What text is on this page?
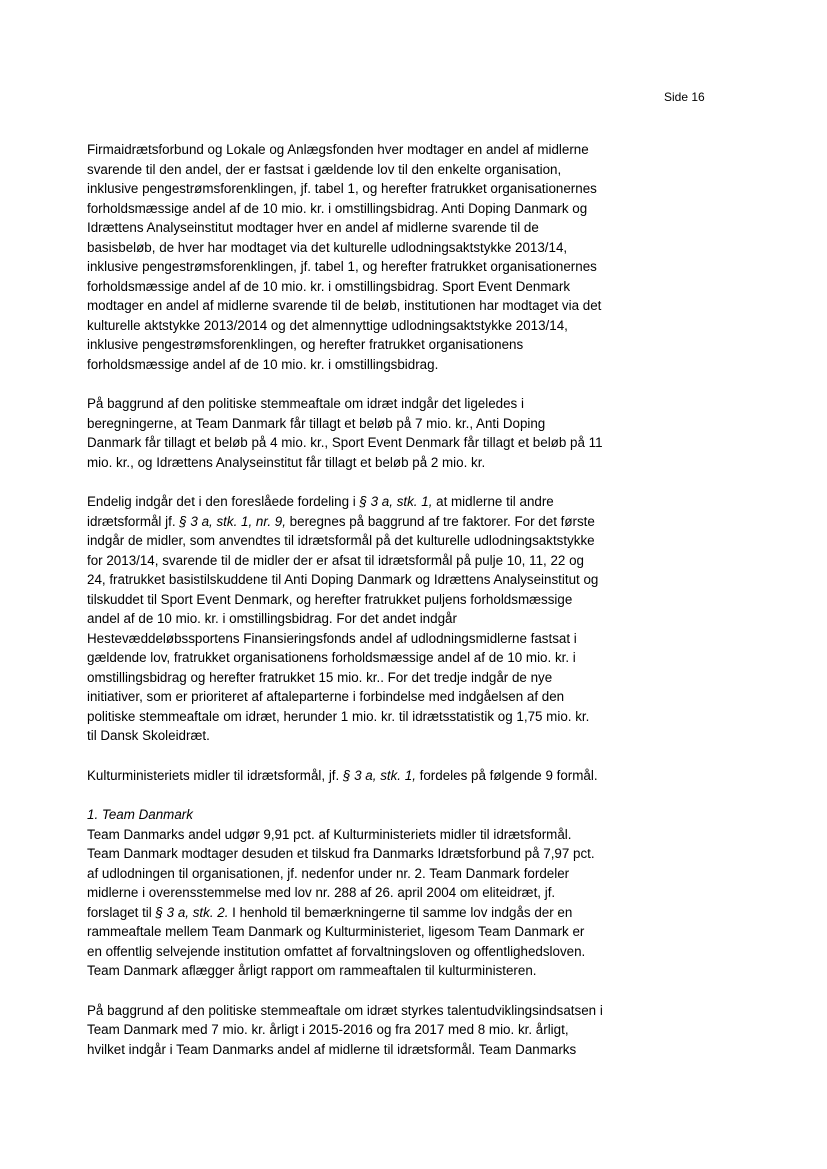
Side 16
Firmaidrætsforbund og Lokale og Anlægsfonden hver modtager en andel af midlerne
svarende til den andel, der er fastsat i gældende lov til den enkelte organisation,
inklusive pengestrømsforenklingen, jf. tabel 1, og herefter fratrukket organisationernes
forholdsmæssige andel af de 10 mio. kr. i omstillingsbidrag. Anti Doping Danmark og
Idrættens Analyseinstitut modtager hver en andel af midlerne svarende til de
basisbeløb, de hver har modtaget via det kulturelle udlodningsaktstykke 2013/14,
inklusive pengestrømsforenklingen, jf. tabel 1, og herefter fratrukket organisationernes
forholdsmæssige andel af de 10 mio. kr. i omstillingsbidrag. Sport Event Denmark
modtager en andel af midlerne svarende til de beløb, institutionen har modtaget via det
kulturelle aktstykke 2013/2014 og det almennyttige udlodningsaktstykke 2013/14,
inklusive pengestrømsforenklingen, og herefter fratrukket organisationens
forholdsmæssige andel af de 10 mio. kr. i omstillingsbidrag.
På baggrund af den politiske stemmeaftale om idræt indgår det ligeledes i
beregningerne, at Team Danmark får tillagt et beløb på 7 mio. kr., Anti Doping
Danmark får tillagt et beløb på 4 mio. kr., Sport Event Denmark får tillagt et beløb på 11
mio. kr., og Idrættens Analyseinstitut får tillagt et beløb på 2 mio. kr.
Endelig indgår det i den foreslåede fordeling i § 3 a, stk. 1, at midlerne til andre
idrætsformål jf. § 3 a, stk. 1, nr. 9, beregnes på baggrund af tre faktorer. For det første
indgår de midler, som anvendtes til idrætsformål på det kulturelle udlodningsaktstykke
for 2013/14, svarende til de midler der er afsat til idrætsformål på pulje 10, 11, 22 og
24, fratrukket basistilskuddene til Anti Doping Danmark og Idrættens Analyseinstitut og
tilskuddet til Sport Event Denmark, og herefter fratrukket puljens forholdsmæssige
andel af de 10 mio. kr. i omstillingsbidrag. For det andet indgår
Hestevæddeløbssportens Finansieringsfonds andel af udlodningsmidlerne fastsat i
gældende lov, fratrukket organisationens forholdsmæssige andel af de 10 mio. kr. i
omstillingsbidrag og herefter fratrukket 15 mio. kr.. For det tredje indgår de nye
initiativer, som er prioriteret af aftaleparterne i forbindelse med indgåelsen af den
politiske stemmeaftale om idræt, herunder 1 mio. kr. til idrætsstatistik og 1,75 mio. kr.
til Dansk Skoleidræt.
Kulturministeriets midler til idrætsformål, jf. § 3 a, stk. 1, fordeles på følgende 9 formål.
1. Team Danmark
Team Danmarks andel udgør 9,91 pct. af Kulturministeriets midler til idrætsformål.
Team Danmark modtager desuden et tilskud fra Danmarks Idrætsforbund på 7,97 pct.
af udlodningen til organisationen, jf. nedenfor under nr. 2. Team Danmark fordeler
midlerne i overensstemmelse med lov nr. 288 af 26. april 2004 om eliteidræt, jf.
forslaget til § 3 a, stk. 2. I henhold til bemærkningerne til samme lov indgås der en
rammeaftale mellem Team Danmark og Kulturministeriet, ligesom Team Danmark er
en offentlig selvejende institution omfattet af forvaltningsloven og offentlighedsloven.
Team Danmark aflægger årligt rapport om rammeaftalen til kulturministeren.
På baggrund af den politiske stemmeaftale om idræt styrkes talentudviklingsindsatsen i
Team Danmark med 7 mio. kr. årligt i 2015-2016 og fra 2017 med 8 mio. kr. årligt,
hvilket indgår i Team Danmarks andel af midlerne til idrætsformål. Team Danmarks
